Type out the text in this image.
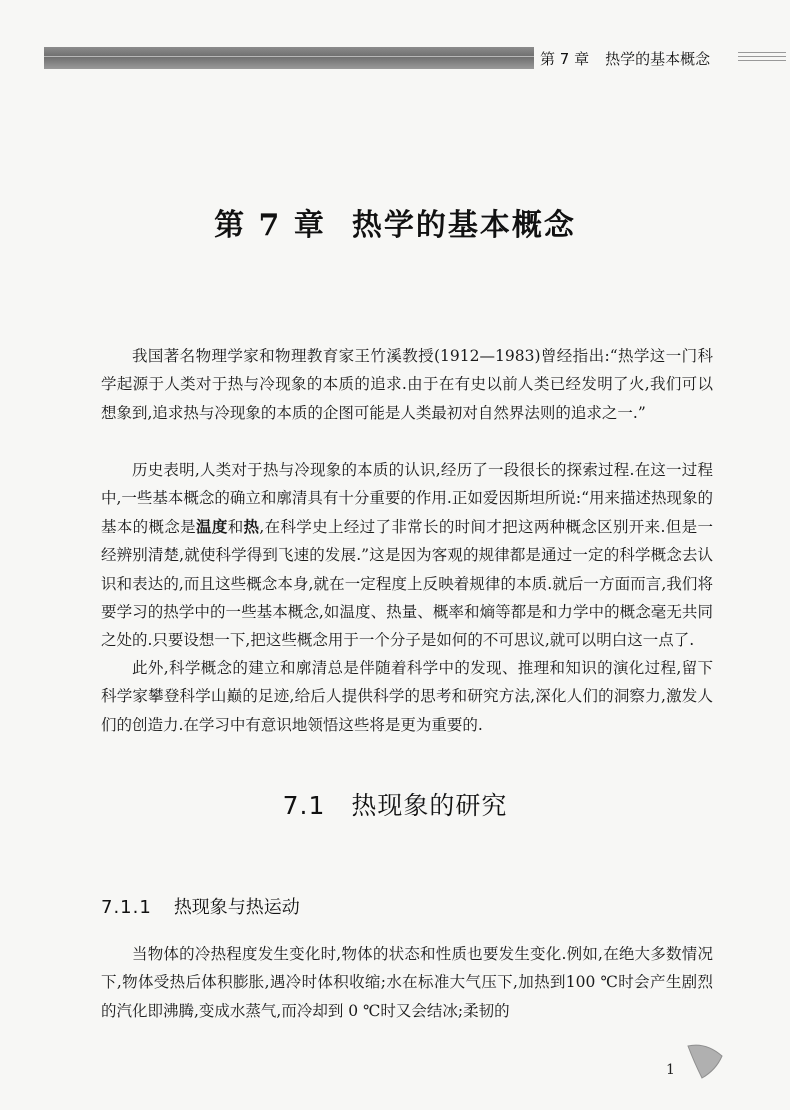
第 7 章 热学的基本概念
第 7 章 热学的基本概念

我国著名物理学家和物理教育家王竹溪教授(1912—1983)曾经指出:“热学这一门科学起源于人类对于热与冷现象的本质的追求.由于在有史以前人类已经发明了火,我们可以想象到,追求热与冷现象的本质的企图可能是人类最初对自然界法则的追求之一.”

历史表明,人类对于热与冷现象的本质的认识,经历了一段很长的探索过程.在这一过程中,一些基本概念的确立和廓清具有十分重要的作用.正如爱因斯坦所说:“用来描述热现象的基本的概念是温度和热,在科学史上经过了非常长的时间才把这两种概念区别开来.但是一经辨别清楚,就使科学得到飞速的发展.”这是因为客观的规律都是通过一定的科学概念去认识和表达的,而且这些概念本身,就在一定程度上反映着规律的本质.就后一方面而言,我们将要学习的热学中的一些基本概念,如温度、热量、概率和熵等都是和力学中的概念毫无共同之处的.只要设想一下,把这些概念用于一个分子是如何的不可思议,就可以明白这一点了.

此外,科学概念的建立和廓清总是伴随着科学中的发现、推理和知识的演化过程,留下科学家攀登科学山巅的足迹,给后人提供科学的思考和研究方法,深化人们的洞察力,激发人们的创造力.在学习中有意识地领悟这些将是更为重要的.

7.1 热现象的研究
7.1.1 热现象与热运动

当物体的冷热程度发生变化时,物体的状态和性质也要发生变化.例如,在绝大多数情况下,物体受热后体积膨胀,遇冷时体积收缩;水在标准大气压下,加热到100 ℃时会产生剧烈的汽化即沸腾,变成水蒸气,而冷却到 0 ℃时又会结冰;柔韧的

1
